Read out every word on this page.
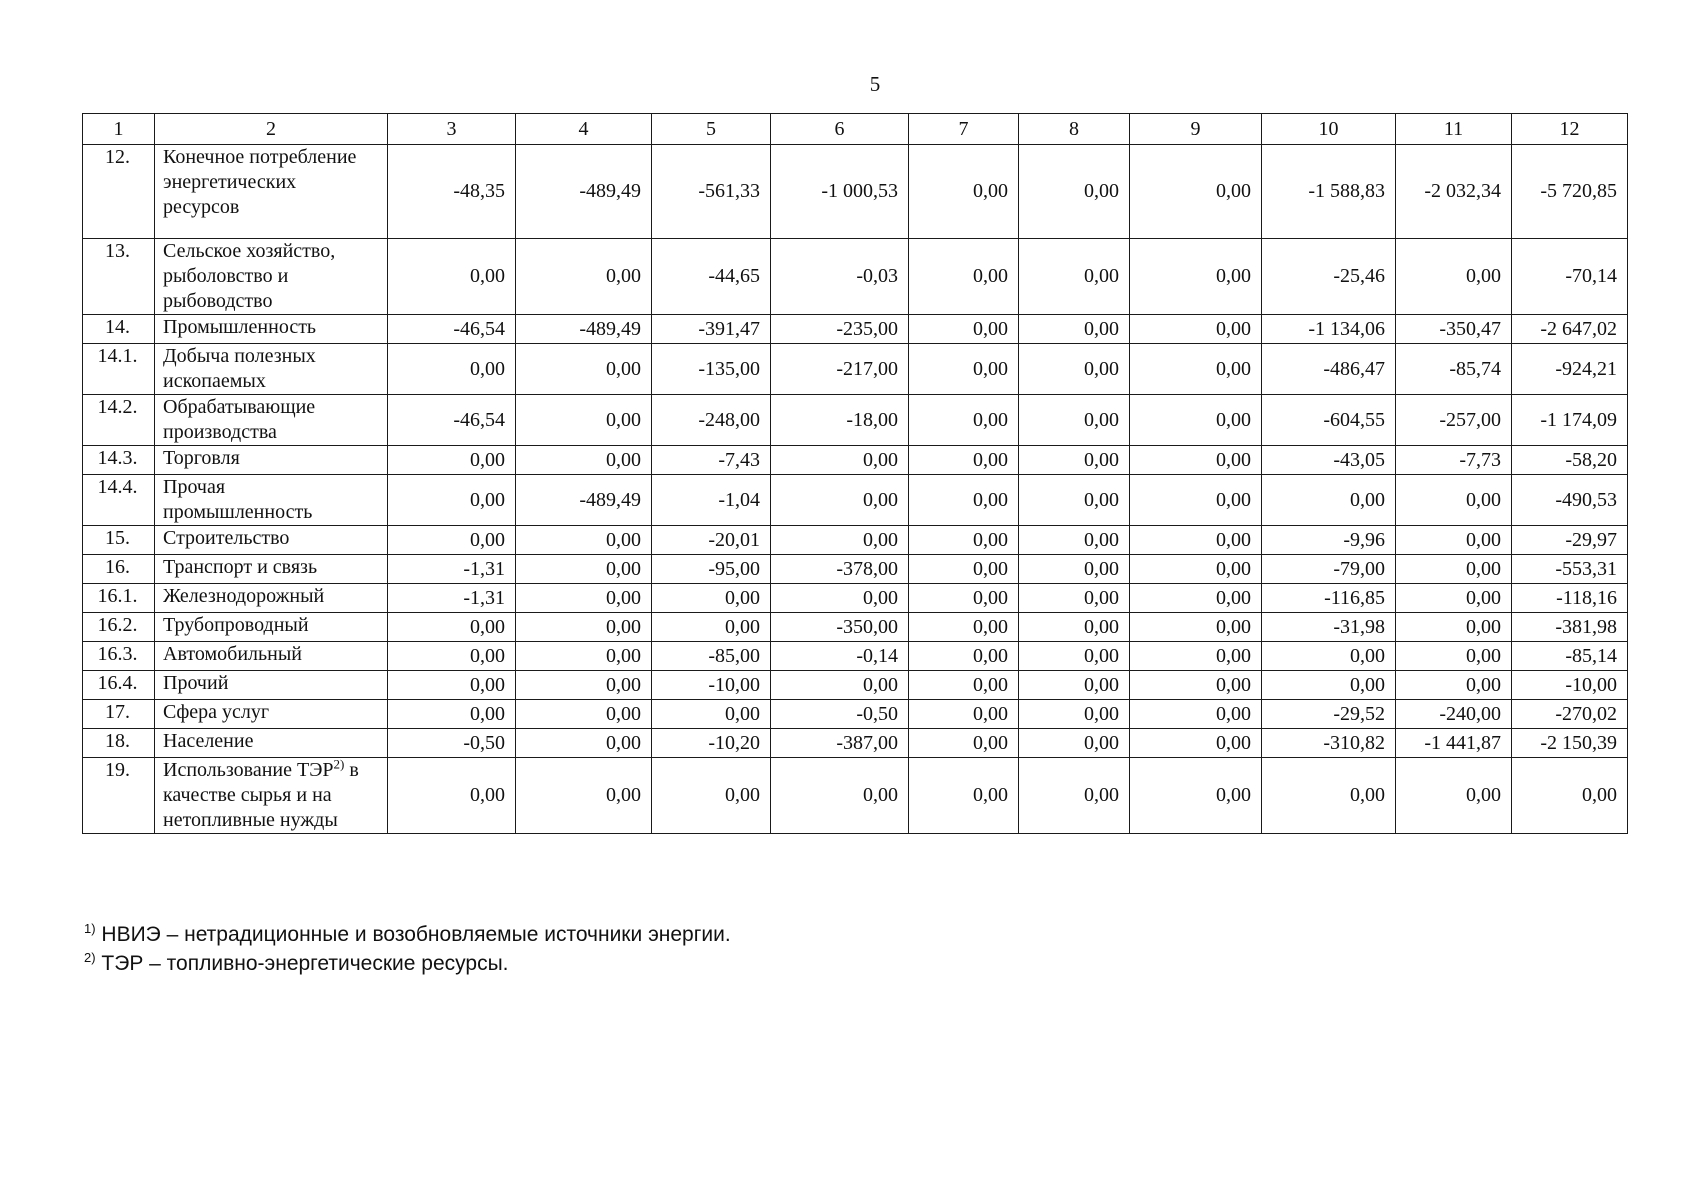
5
1	2	3	4	5	6	7	8	9	10	11	12
12.	Конечное потребление энергетических ресурсов	-48,35	-489,49	-561,33	-1 000,53	0,00	0,00	0,00	-1 588,83	-2 032,34	-5 720,85
13.	Сельское хозяйство, рыболовство и рыбоводство	0,00	0,00	-44,65	-0,03	0,00	0,00	0,00	-25,46	0,00	-70,14
14.	Промышленность	-46,54	-489,49	-391,47	-235,00	0,00	0,00	0,00	-1 134,06	-350,47	-2 647,02
14.1.	Добыча полезных ископаемых	0,00	0,00	-135,00	-217,00	0,00	0,00	0,00	-486,47	-85,74	-924,21
14.2.	Обрабатывающие производства	-46,54	0,00	-248,00	-18,00	0,00	0,00	0,00	-604,55	-257,00	-1 174,09
14.3.	Торговля	0,00	0,00	-7,43	0,00	0,00	0,00	0,00	-43,05	-7,73	-58,20
14.4.	Прочая промышленность	0,00	-489,49	-1,04	0,00	0,00	0,00	0,00	0,00	0,00	-490,53
15.	Строительство	0,00	0,00	-20,01	0,00	0,00	0,00	0,00	-9,96	0,00	-29,97
16.	Транспорт и связь	-1,31	0,00	-95,00	-378,00	0,00	0,00	0,00	-79,00	0,00	-553,31
16.1.	Железнодорожный	-1,31	0,00	0,00	0,00	0,00	0,00	0,00	-116,85	0,00	-118,16
16.2.	Трубопроводный	0,00	0,00	0,00	-350,00	0,00	0,00	0,00	-31,98	0,00	-381,98
16.3.	Автомобильный	0,00	0,00	-85,00	-0,14	0,00	0,00	0,00	0,00	0,00	-85,14
16.4.	Прочий	0,00	0,00	-10,00	0,00	0,00	0,00	0,00	0,00	0,00	-10,00
17.	Сфера услуг	0,00	0,00	0,00	-0,50	0,00	0,00	0,00	-29,52	-240,00	-270,02
18.	Население	-0,50	0,00	-10,20	-387,00	0,00	0,00	0,00	-310,82	-1 441,87	-2 150,39
19.	Использование ТЭР$^{2)}$ в качестве сырья и на нетопливные нужды	0,00	0,00	0,00	0,00	0,00	0,00	0,00	0,00	0,00	0,00
$^{1)}$ НВИЭ – нетрадиционные и возобновляемые источники энергии.
$^{2)}$ ТЭР – топливно-энергетические ресурсы.
